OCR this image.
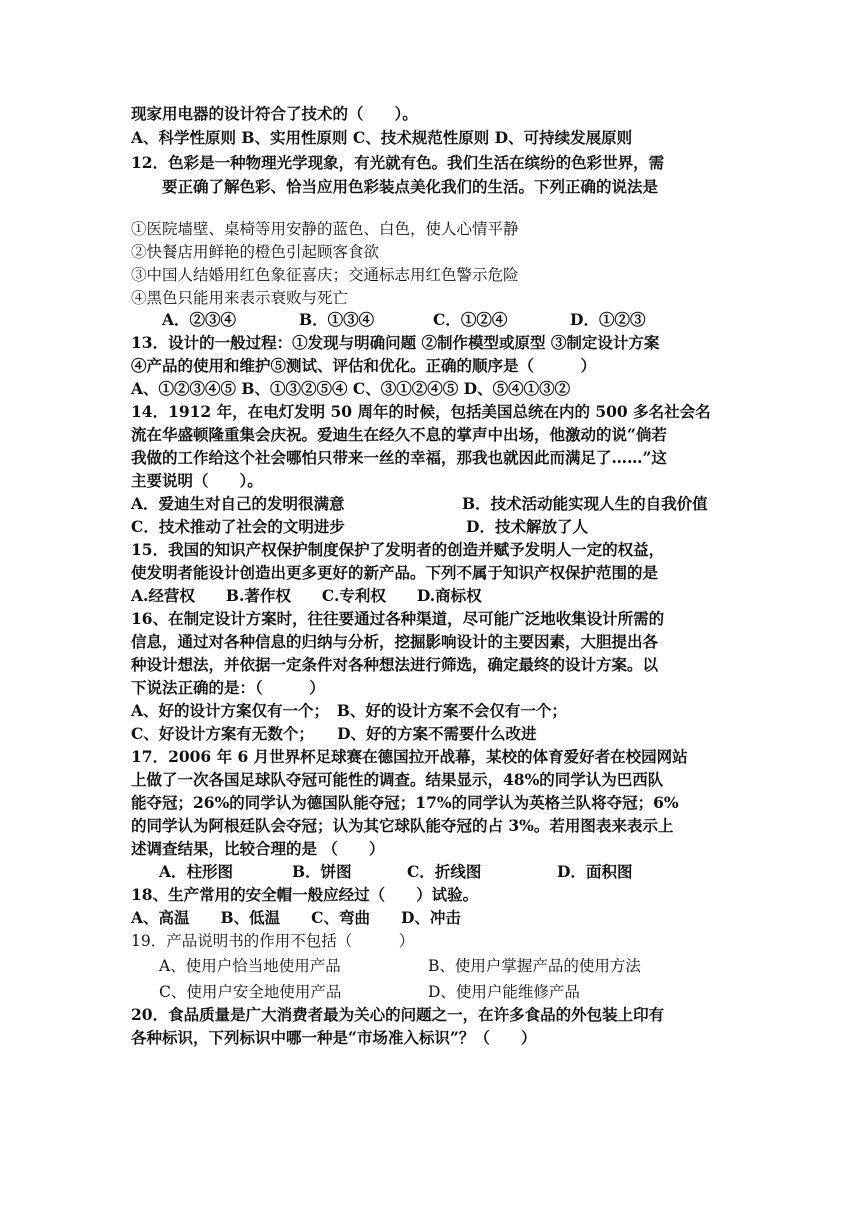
现家用电器的设计符合了技术的（　　）。
A、科学性原则 B、实用性原则 C、技术规范性原则 D、可持续发展原则
12．色彩是一种物理光学现象，有光就有色。我们生活在缤纷的色彩世界，需
要正确了解色彩、恰当应用色彩装点美化我们的生活。下列正确的说法是
①医院墙壁、桌椅等用安静的蓝色、白色，使人心情平静
②快餐店用鲜艳的橙色引起顾客食欲
③中国人结婚用红色象征喜庆；交通标志用红色警示危险
④黑色只能用来表示衰败与死亡
A．②③④	B．①③④	C．①②④	D．①②③
13．设计的一般过程：①发现与明确问题 ②制作模型或原型 ③制定设计方案
④产品的使用和维护⑤测试、评估和优化。正确的顺序是（　　　）
A、①②③④⑤ B、①③②⑤④ C、③①②④⑤ D、⑤④①③②
14．1912 年，在电灯发明 50 周年的时候，包括美国总统在内的 500 多名社会名
流在华盛顿隆重集会庆祝。爱迪生在经久不息的掌声中出场，他激动的说“倘若
我做的工作给这个社会哪怕只带来一丝的幸福，那我也就因此而满足了……”这
主要说明（　　）。
A．爱迪生对自己的发明很满意	B．技术活动能实现人生的自我价值
C．技术推动了社会的文明进步	D．技术解放了人
15．我国的知识产权保护制度保护了发明者的创造并赋予发明人一定的权益，
使发明者能设计创造出更多更好的新产品。下列不属于知识产权保护范围的是
A.经营权　　B.著作权　　C.专利权　　D.商标权
16、在制定设计方案时，往往要通过各种渠道，尽可能广泛地收集设计所需的
信息，通过对各种信息的归纳与分析，挖掘影响设计的主要因素，大胆提出各
种设计想法，并依据一定条件对各种想法进行筛选，确定最终的设计方案。以
下说法正确的是：（　　　）
A、好的设计方案仅有一个；　B、好的设计方案不会仅有一个；
C、好设计方案有无数个；　　D、好的方案不需要什么改进
17．2006 年 6 月世界杯足球赛在德国拉开战幕，某校的体育爱好者在校园网站
上做了一次各国足球队夺冠可能性的调查。结果显示，48%的同学认为巴西队
能夺冠；26%的同学认为德国队能夺冠；17%的同学认为英格兰队将夺冠；6%
的同学认为阿根廷队会夺冠；认为其它球队能夺冠的占 3%。若用图表来表示上
述调查结果，比较合理的是 （　　）
A．柱形图	B．饼图	C．折线图	D．面积图
18、生产常用的安全帽一般应经过（　　）试验。
A、高温　　B、低温　　C、弯曲　　D、冲击
19．产品说明书的作用不包括（　　　）
A、使用户恰当地使用产品	B、使用户掌握产品的使用方法
C、使用户安全地使用产品	D、使用户能维修产品
20．食品质量是广大消费者最为关心的问题之一，在许多食品的外包装上印有
各种标识，下列标识中哪一种是“市场准入标识”？（　　）
